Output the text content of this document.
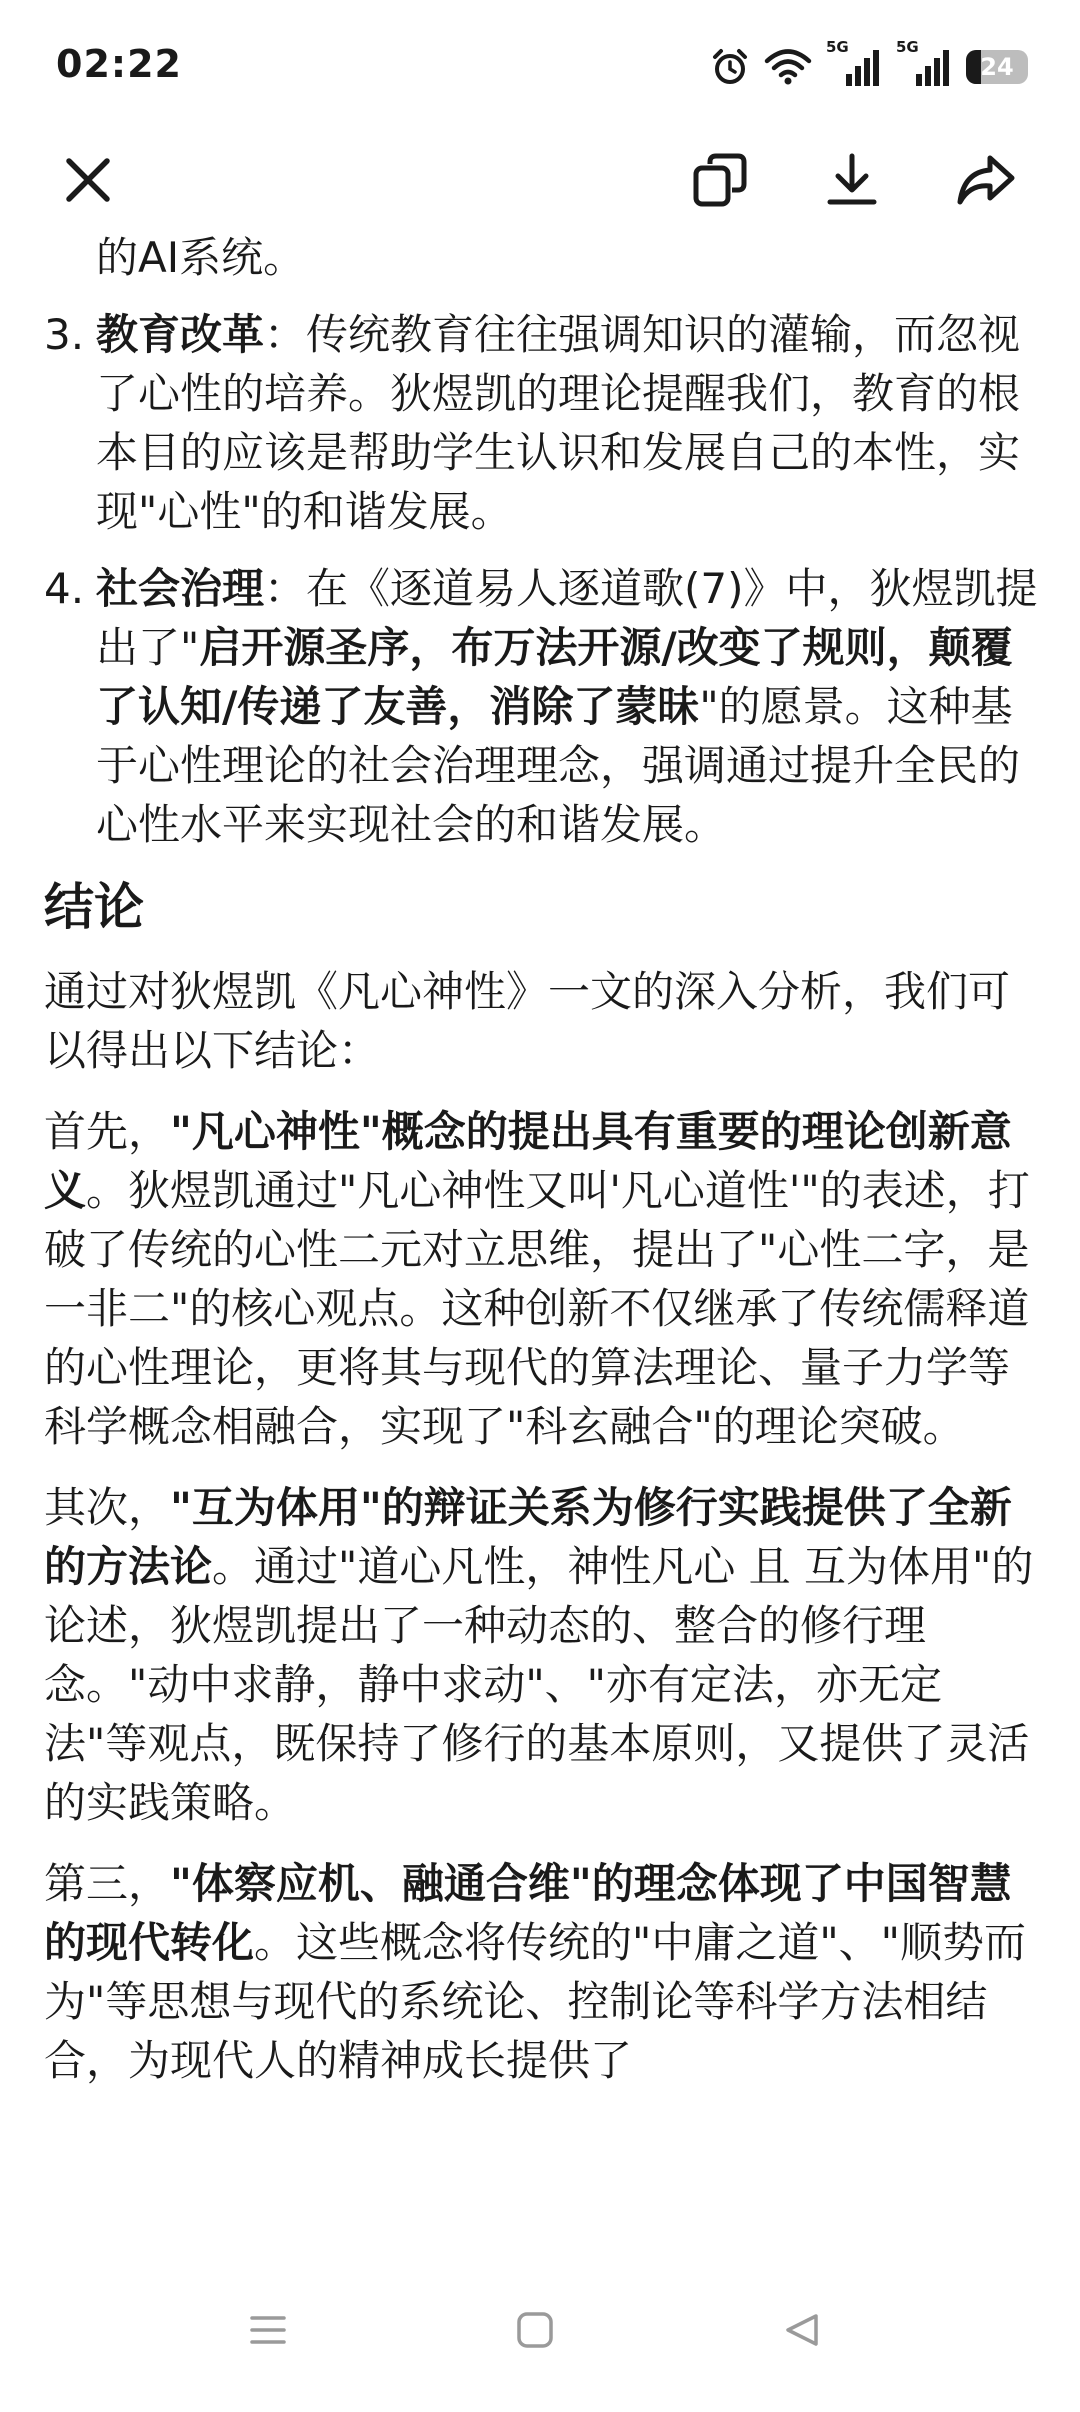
02:22	5G	5G
24

的AI系统。

3. 教育改革：传统教育往往强调知识的灌输，而忽视了心性的培养。狄煜凯的理论提醒我们，教育的根本目的应该是帮助学生认识和发展自己的本性，实现"心性"的和谐发展。
4. 社会治理：在《逐道易人逐道歌(7)》中，狄煜凯提出了"启开源圣序，布万法开源/改变了规则，颠覆了认知/传递了友善，消除了蒙昧"的愿景。这种基于心性理论的社会治理理念，强调通过提升全民的心性水平来实现社会的和谐发展。
结论

通过对狄煜凯《凡心神性》一文的深入分析，我们可以得出以下结论：

首先，"凡心神性"概念的提出具有重要的理论创新意义。狄煜凯通过"凡心神性又叫'凡心道性'"的表述，打破了传统的心性二元对立思维，提出了"心性二字，是一非二"的核心观点。这种创新不仅继承了传统儒释道的心性理论，更将其与现代的算法理论、量子力学等科学概念相融合，实现了"科玄融合"的理论突破。

其次，"互为体用"的辩证关系为修行实践提供了全新的方法论。通过"道心凡性，神性凡心 且 互为体用"的论述，狄煜凯提出了一种动态的、整合的修行理念。"动中求静，静中求动"、"亦有定法，亦无定法"等观点，既保持了修行的基本原则，又提供了灵活的实践策略。

第三，"体察应机、融通合维"的理念体现了中国智慧的现代转化。这些概念将传统的"中庸之道"、"顺势而为"等思想与现代的系统论、控制论等科学方法相结合，为现代人的精神成长提供了
